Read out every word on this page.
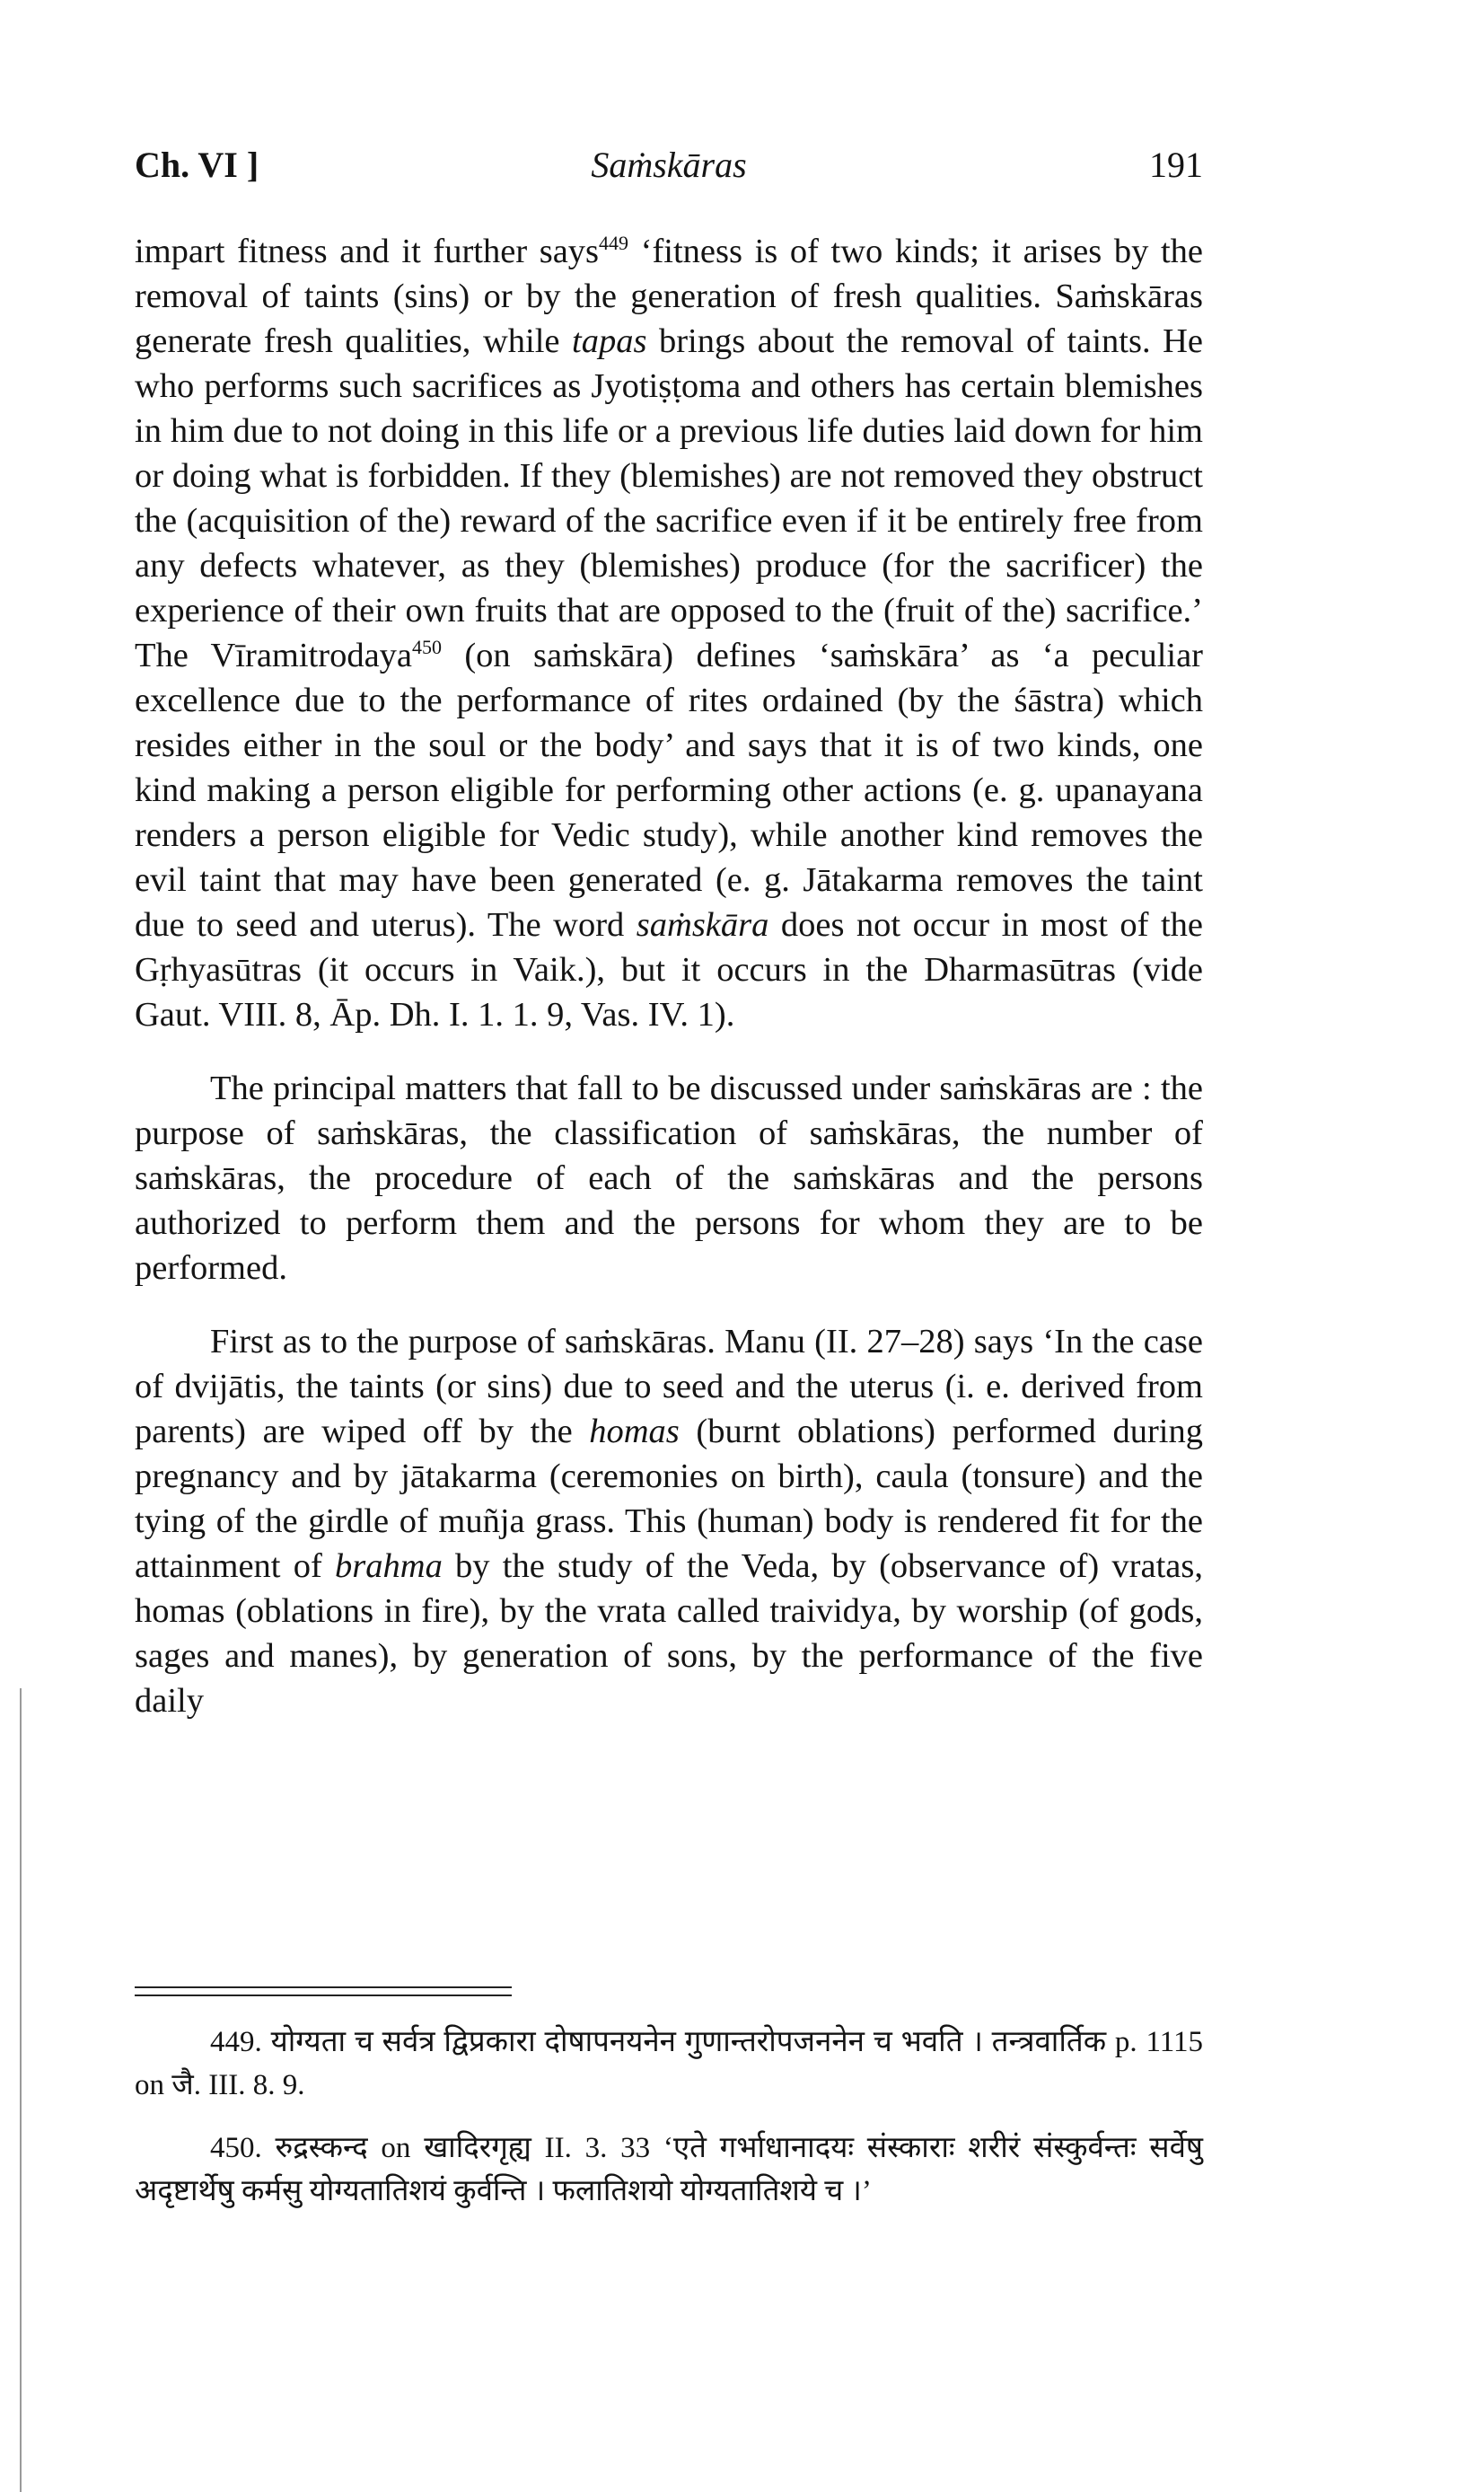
Ch. VI ]	Saṁskāras	191

impart fitness and it further says$^{449}$ ‘fitness is of two kinds; it arises by the removal of taints (sins) or by the generation of fresh qualities. Saṁskāras generate fresh qualities, while tapas brings about the removal of taints. He who performs such sacrifices as Jyotiṣṭoma and others has certain blemishes in him due to not doing in this life or a previous life duties laid down for him or doing what is forbidden. If they (blemishes) are not removed they obstruct the (acquisition of the) reward of the sacrifice even if it be entirely free from any defects whatever, as they (blemishes) produce (for the sacrificer) the experience of their own fruits that are opposed to the (fruit of the) sacrifice.’ The Vīramitrodaya$^{450}$ (on saṁskāra) defines ‘saṁskāra’ as ‘a peculiar excellence due to the performance of rites ordained (by the śāstra) which resides either in the soul or the body’ and says that it is of two kinds, one kind making a person eligible for performing other actions (e. g. upanayana renders a person eligible for Vedic study), while another kind removes the evil taint that may have been generated (e. g. Jātakarma removes the taint due to seed and uterus). The word saṁskāra does not occur in most of the Gṛhyasūtras (it occurs in Vaik.), but it occurs in the Dharmasūtras (vide Gaut. VIII. 8, Āp. Dh. I. 1. 1. 9, Vas. IV. 1).

The principal matters that fall to be discussed under saṁskāras are : the purpose of saṁskāras, the classification of saṁskāras, the number of saṁskāras, the procedure of each of the saṁskāras and the persons authorized to perform them and the persons for whom they are to be performed.

First as to the purpose of saṁskāras. Manu (II. 27–28) says ‘In the case of dvijātis, the taints (or sins) due to seed and the uterus (i. e. derived from parents) are wiped off by the homas (burnt oblations) performed during pregnancy and by jātakarma (ceremonies on birth), caula (tonsure) and the tying of the girdle of muñja grass. This (human) body is rendered fit for the attainment of brahma by the study of the Veda, by (observance of) vratas, homas (oblations in fire), by the vrata called traividya, by worship (of gods, sages and manes), by generation of sons, by the performance of the five daily

449. योग्यता च सर्वत्र द्विप्रकारा दोषापनयनेन गुणान्तरोपजननेन च भवति । तन्त्रवार्तिक p. 1115 on जै. III. 8. 9.

450. रुद्रस्कन्द on खादिरगृह्य II. 3. 33 ‘एते गर्भाधानादयः संस्काराः शरीरं संस्कुर्वन्तः सर्वेषु अदृष्टार्थेषु कर्मसु योग्यतातिशयं कुर्वन्ति । फलातिशयो योग्यतातिशये च ।’
